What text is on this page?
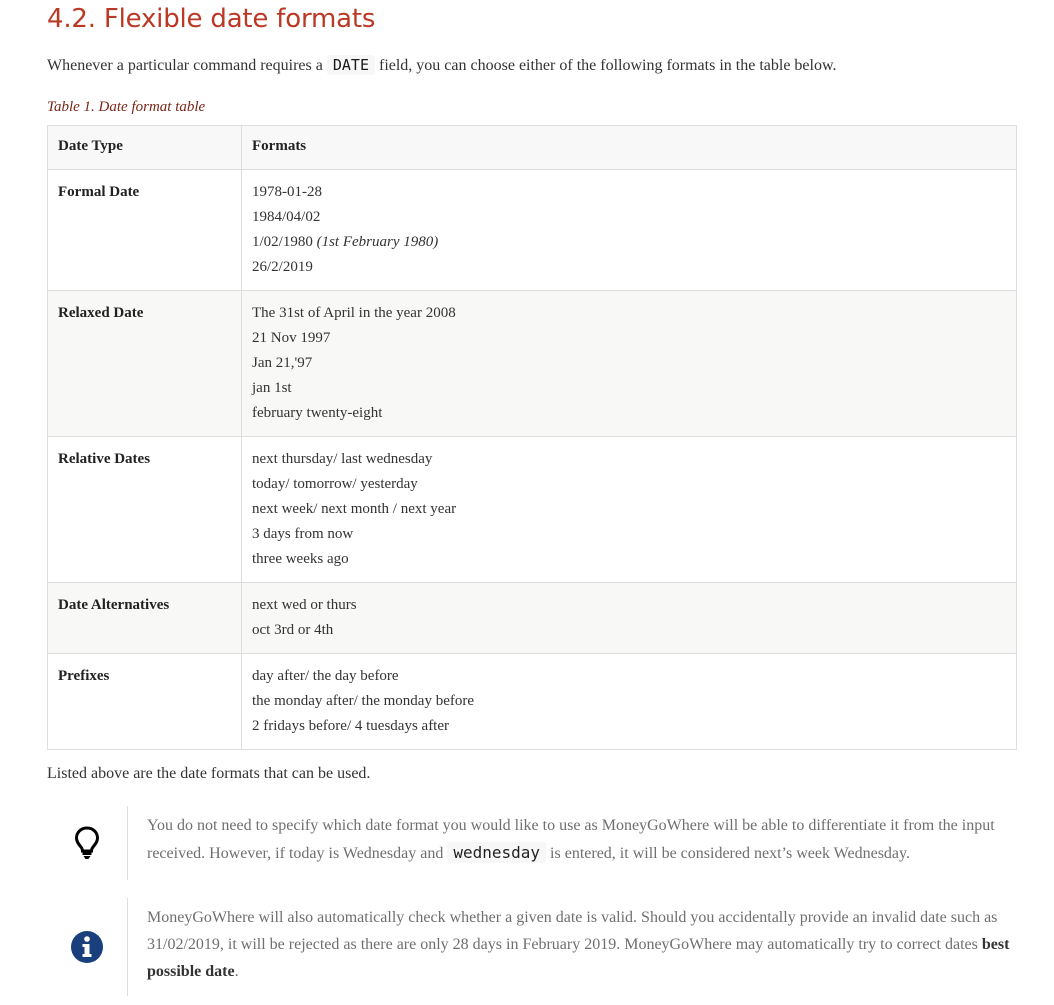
4.2. Flexible date formats
Whenever a particular command requires a DATE field, you can choose either of the following formats in the table below.
Table 1. Date format table
Date Type	Formats
Formal Date	1978-01-28
1984/04/02
1/02/1980 (1st February 1980)
26/2/2019

Relaxed Date	The 31st of April in the year 2008
21 Nov 1997
Jan 21,'97
jan 1st
february twenty-eight

Relative Dates	next thursday/ last wednesday
today/ tomorrow/ yesterday
next week/ next month / next year
3 days from now
three weeks ago

Date Alternatives	next wed or thurs
oct 3rd or 4th

Prefixes	day after/ the day before
the monday after/ the monday before
2 fridays before/ 4 tuesdays after
Listed above are the date formats that can be used.
You do not need to specify which date format you would like to use as MoneyGoWhere will be able to differentiate it from the input received. However, if today is Wednesday and wednesday is entered, it will be considered next’s week Wednesday.
MoneyGoWhere will also automatically check whether a given date is valid. Should you accidentally provide an invalid date such as 31/02/2019, it will be rejected as there are only 28 days in February 2019. MoneyGoWhere may automatically try to correct dates best possible date.
